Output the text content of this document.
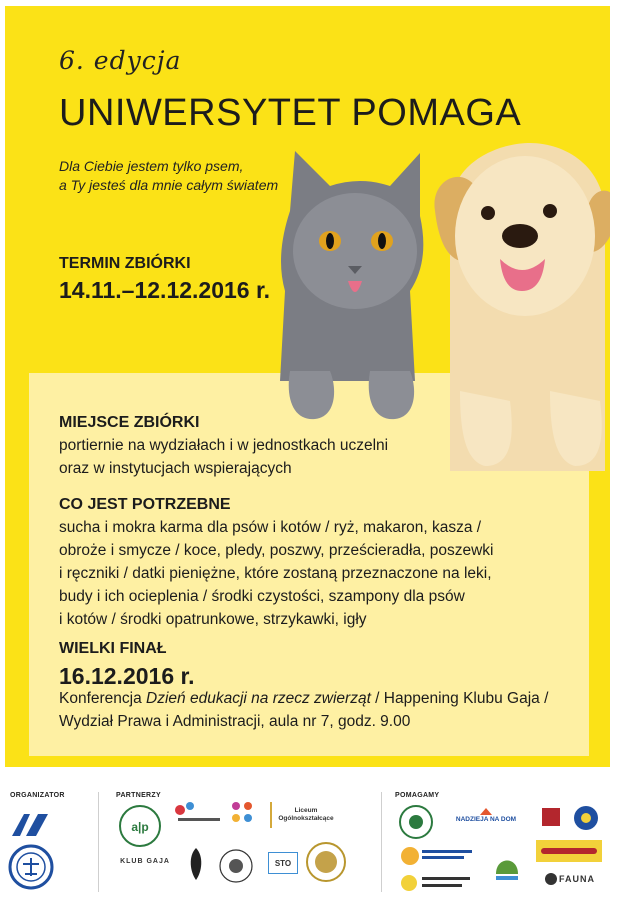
6. edycja
UNIWERSYTET POMAGA
Dla Ciebie jestem tylko psem,
a Ty jesteś dla mnie całym światem
TERMIN ZBIÓRKI
14.11.–12.12.2016 r.
MIEJSCE ZBIÓRKI
portiernie na wydziałach i w jednostkach uczelni
oraz w instytucjach wspierających
CO JEST POTRZEBNE
sucha i mokra karma dla psów i kotów / ryż, makaron, kasza /
obroże i smycze / koce, pledy, poszwy, prześcieradła, poszewki
i ręczniki / datki pieniężne, które zostaną przeznaczone na leki,
budy i ich ocieplenia / środki czystości, szampony dla psów
i kotów / środki opatrunkowe, strzykawki, igły
WIELKI FINAŁ
16.12.2016 r.
Konferencja Dzień edukacji na rzecz zwierząt / Happening Klubu Gaja /
Wydział Prawa i Administracji, aula nr 7, godz. 9.00
ORGANIZATOR	PARTNERZY	POMAGAMY
a|p
KLUB GAJA
Liceum
Ogólnokształcące
STO
NADZIEJA NA DOM
FAUNA
